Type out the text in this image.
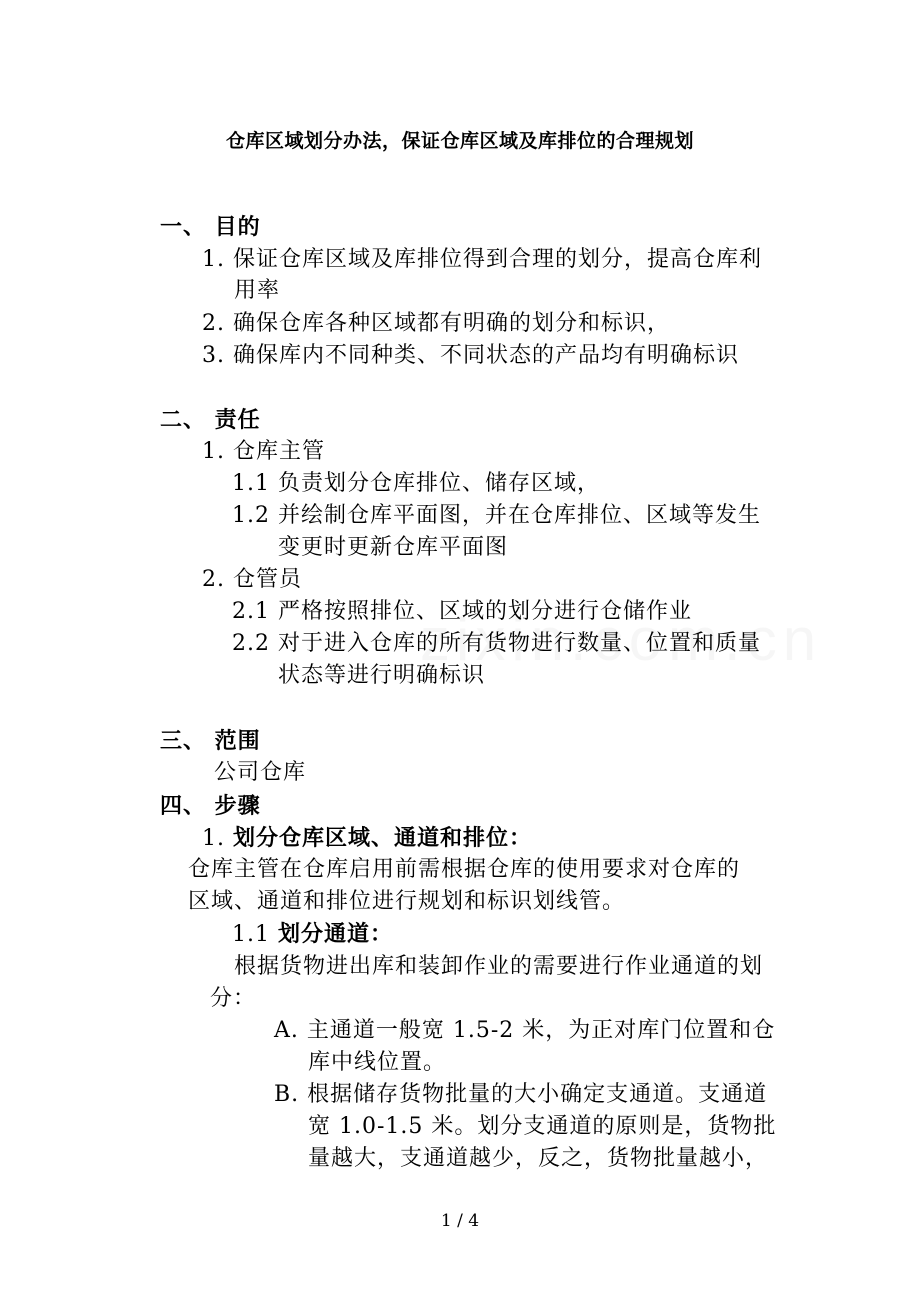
仓库区域划分办法，保证仓库区域及库排位的合理规划
一、 目的
1. 保证仓库区域及库排位得到合理的划分，提高仓库利
用率
2. 确保仓库各种区域都有明确的划分和标识，
3. 确保库内不同种类、不同状态的产品均有明确标识
二、 责任
1. 仓库主管
1.1 负责划分仓库排位、储存区域，
1.2 并绘制仓库平面图，并在仓库排位、区域等发生
变更时更新仓库平面图
2. 仓管员
2.1 严格按照排位、区域的划分进行仓储作业
2.2 对于进入仓库的所有货物进行数量、位置和质量
状态等进行明确标识
三、 范围
公司仓库
四、 步骤
1. 划分仓库区域、通道和排位：
仓库主管在仓库启用前需根据仓库的使用要求对仓库的
区域、通道和排位进行规划和标识划线管。
1.1 划分通道：
根据货物进出库和装卸作业的需要进行作业通道的划
分：
A. 主通道一般宽 1.5-2 米，为正对库门位置和仓
库中线位置。
B. 根据储存货物批量的大小确定支通道。支通道
宽 1.0-1.5 米。划分支通道的原则是，货物批
量越大，支通道越少，反之，货物批量越小，
1 / 4
